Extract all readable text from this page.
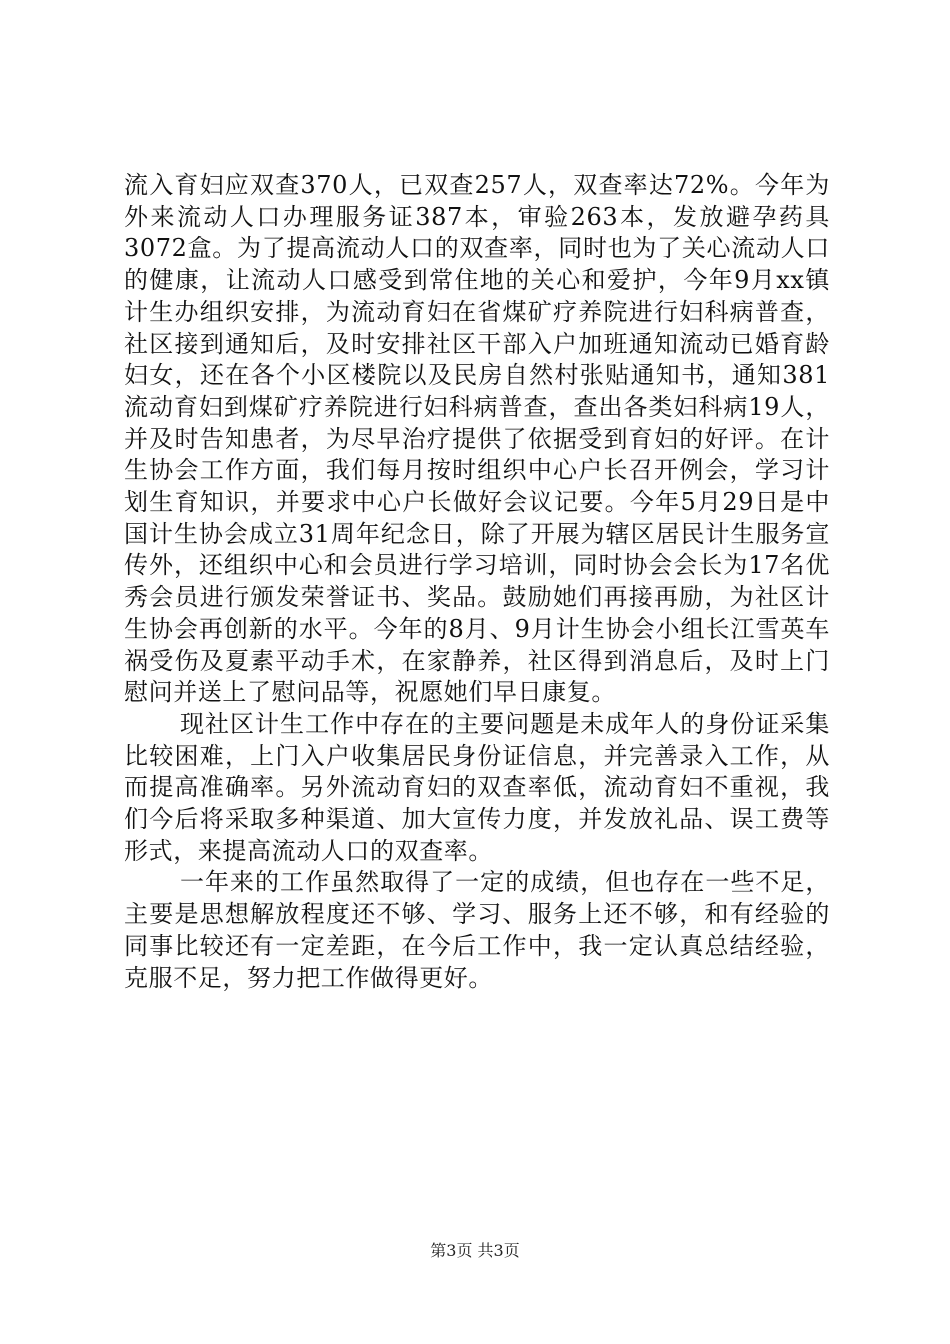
流入育妇应双查370人，已双查257人，双查率达72%。今年为外来流动人口办理服务证387本，审验263本，发放避孕药具3072盒。为了提高流动人口的双查率，同时也为了关心流动人口的健康，让流动人口感受到常住地的关心和爱护，今年9月xx镇计生办组织安排，为流动育妇在省煤矿疗养院进行妇科病普查，社区接到通知后，及时安排社区干部入户加班通知流动已婚育龄妇女，还在各个小区楼院以及民房自然村张贴通知书，通知381流动育妇到煤矿疗养院进行妇科病普查，查出各类妇科病19人，并及时告知患者，为尽早治疗提供了依据受到育妇的好评。在计生协会工作方面，我们每月按时组织中心户长召开例会，学习计划生育知识，并要求中心户长做好会议记要。今年5月29日是中国计生协会成立31周年纪念日，除了开展为辖区居民计生服务宣传外，还组织中心和会员进行学习培训，同时协会会长为17名优秀会员进行颁发荣誉证书、奖品。鼓励她们再接再励，为社区计生协会再创新的水平。今年的8月、9月计生协会小组长江雪英车祸受伤及夏素平动手术，在家静养，社区得到消息后，及时上门慰问并送上了慰问品等，祝愿她们早日康复。

现社区计生工作中存在的主要问题是未成年人的身份证采集比较困难，上门入户收集居民身份证信息，并完善录入工作，从而提高准确率。另外流动育妇的双查率低，流动育妇不重视，我们今后将采取多种渠道、加大宣传力度，并发放礼品、误工费等形式，来提高流动人口的双查率。

一年来的工作虽然取得了一定的成绩，但也存在一些不足，主要是思想解放程度还不够、学习、服务上还不够，和有经验的同事比较还有一定差距，在今后工作中，我一定认真总结经验，克服不足，努力把工作做得更好。

第3页 共3页
